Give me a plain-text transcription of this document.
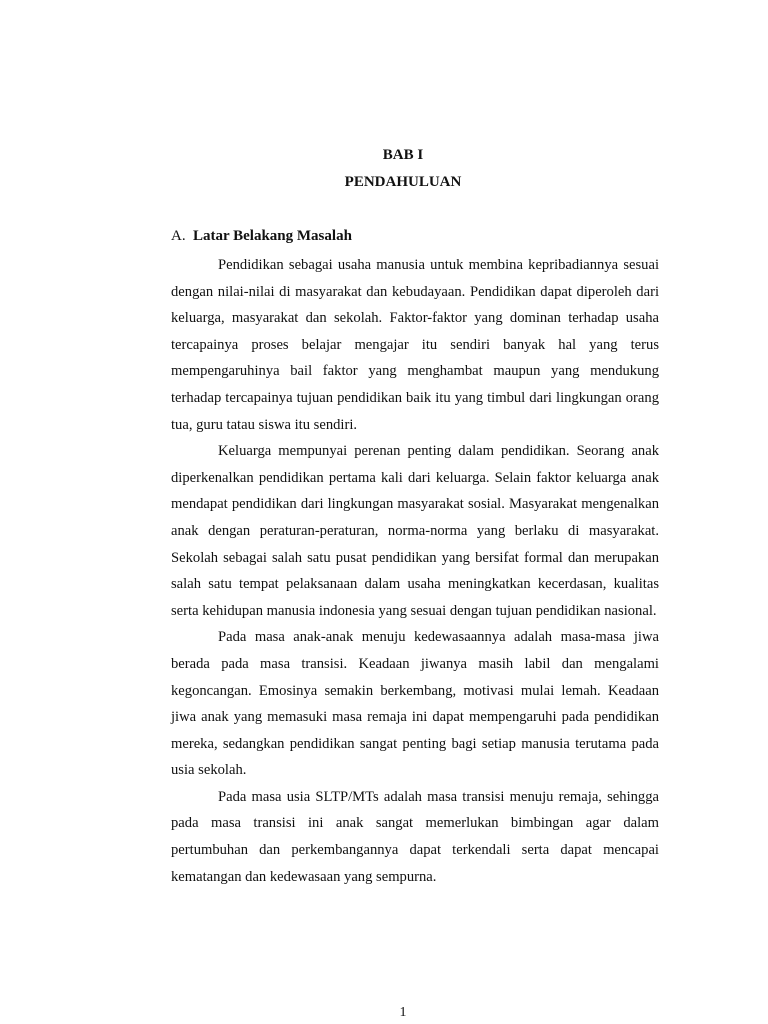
BAB I
PENDAHULUAN
A. Latar Belakang Masalah

Pendidikan sebagai usaha manusia untuk membina kepribadiannya sesuai dengan nilai-nilai di masyarakat dan kebudayaan. Pendidikan dapat diperoleh dari keluarga, masyarakat dan sekolah. Faktor-faktor yang dominan terhadap usaha tercapainya proses belajar mengajar itu sendiri banyak hal yang terus mempengaruhinya bail faktor yang menghambat maupun yang mendukung terhadap tercapainya tujuan pendidikan baik itu yang timbul dari lingkungan orang tua, guru tatau siswa itu sendiri.

Keluarga mempunyai perenan penting dalam pendidikan. Seorang anak diperkenalkan pendidikan pertama kali dari keluarga. Selain faktor keluarga anak mendapat pendidikan dari lingkungan masyarakat sosial. Masyarakat mengenalkan anak dengan peraturan-peraturan, norma-norma yang berlaku di masyarakat. Sekolah sebagai salah satu pusat pendidikan yang bersifat formal dan merupakan salah satu tempat pelaksanaan dalam usaha meningkatkan kecerdasan, kualitas serta kehidupan manusia indonesia yang sesuai dengan tujuan pendidikan nasional.

Pada masa anak-anak menuju kedewasaannya adalah masa-masa jiwa berada pada masa transisi. Keadaan jiwanya masih labil dan mengalami kegoncangan. Emosinya semakin berkembang, motivasi mulai lemah. Keadaan jiwa anak yang memasuki masa remaja ini dapat mempengaruhi pada pendidikan mereka, sedangkan pendidikan sangat penting bagi setiap manusia terutama pada usia sekolah.

Pada masa usia SLTP/MTs adalah masa transisi menuju remaja, sehingga pada masa transisi ini anak sangat memerlukan bimbingan agar dalam pertumbuhan dan perkembangannya dapat terkendali serta dapat mencapai kematangan dan kedewasaan yang sempurna.

1
